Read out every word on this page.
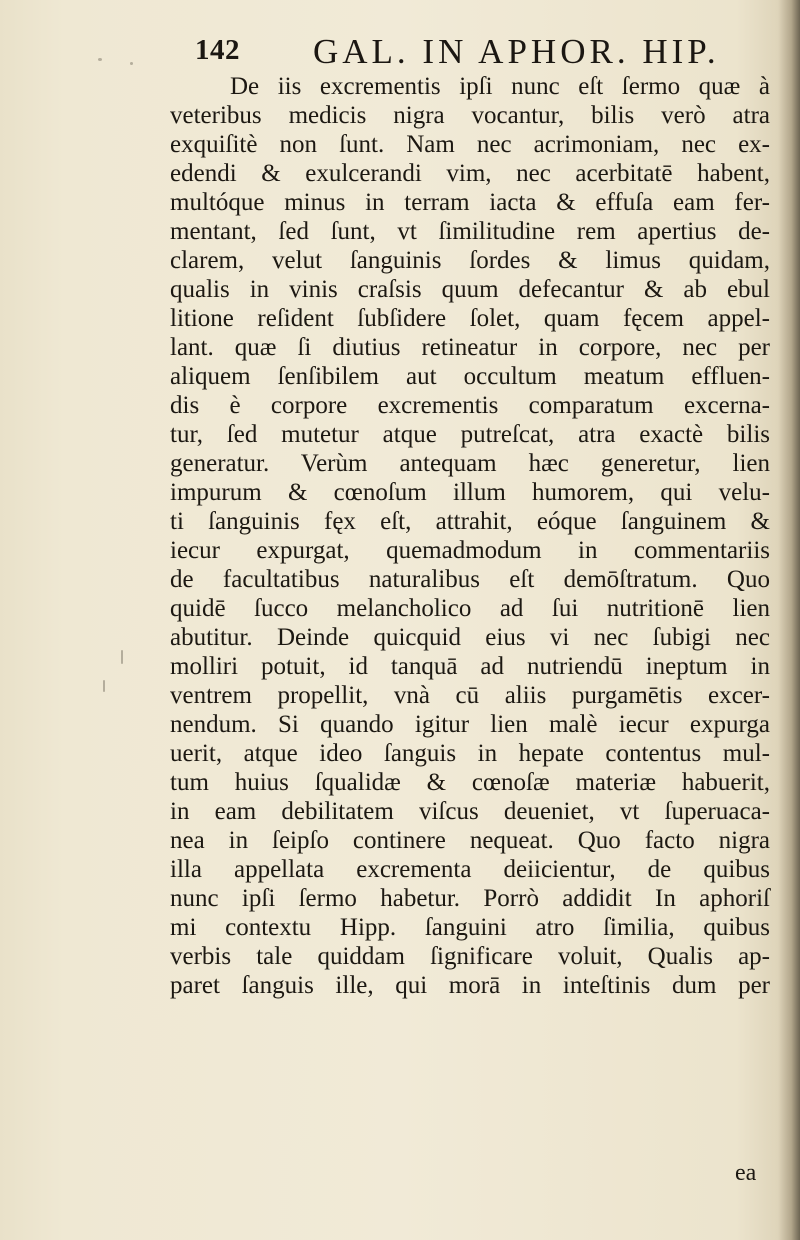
142 GAL. IN APHOR. HIP.
De iis excrementis ipſi nunc eſt ſermo quæ à
veteribus medicis nigra vocantur, bilis verò atra
exquiſitè non ſunt. Nam nec acrimoniam, nec ex-
edendi & exulcerandi vim, nec acerbitatē habent,
multóque minus in terram iacta & effuſa eam fer-
mentant, ſed ſunt, vt ſimilitudine rem apertius de-
clarem, velut ſanguinis ſordes & limus quidam,
qualis in vinis craſsis quum defecantur & ab ebul
litione reſident ſubſidere ſolet, quam fęcem appel-
lant. quæ ſi diutius retineatur in corpore, nec per
aliquem ſenſibilem aut occultum meatum effluen-
dis è corpore excrementis comparatum excerna-
tur, ſed mutetur atque putreſcat, atra exactè bilis
generatur. Verùm antequam hæc generetur, lien
impurum & cœnoſum illum humorem, qui velu-
ti ſanguinis fęx eſt, attrahit, eóque ſanguinem &
iecur expurgat, quemadmodum in commentariis
de facultatibus naturalibus eſt demōſtratum. Quo
quidē ſucco melancholico ad ſui nutritionē lien
abutitur. Deinde quicquid eius vi nec ſubigi nec
molliri potuit, id tanquā ad nutriendū ineptum in
ventrem propellit, vnà cū aliis purgamētis excer-
nendum. Si quando igitur lien malè iecur expurga
uerit, atque ideo ſanguis in hepate contentus mul-
tum huius ſqualidæ & cœnoſæ materiæ habuerit,
in eam debilitatem viſcus deueniet, vt ſuperuaca-
nea in ſeipſo continere nequeat. Quo facto nigra
illa appellata excrementa deiicientur, de quibus
nunc ipſi ſermo habetur. Porrò addidit In aphoriſ
mi contextu Hipp. ſanguini atro ſimilia, quibus
verbis tale quiddam ſignificare voluit, Qualis ap-
paret ſanguis ille, qui morā in inteſtinis dum per
ea
